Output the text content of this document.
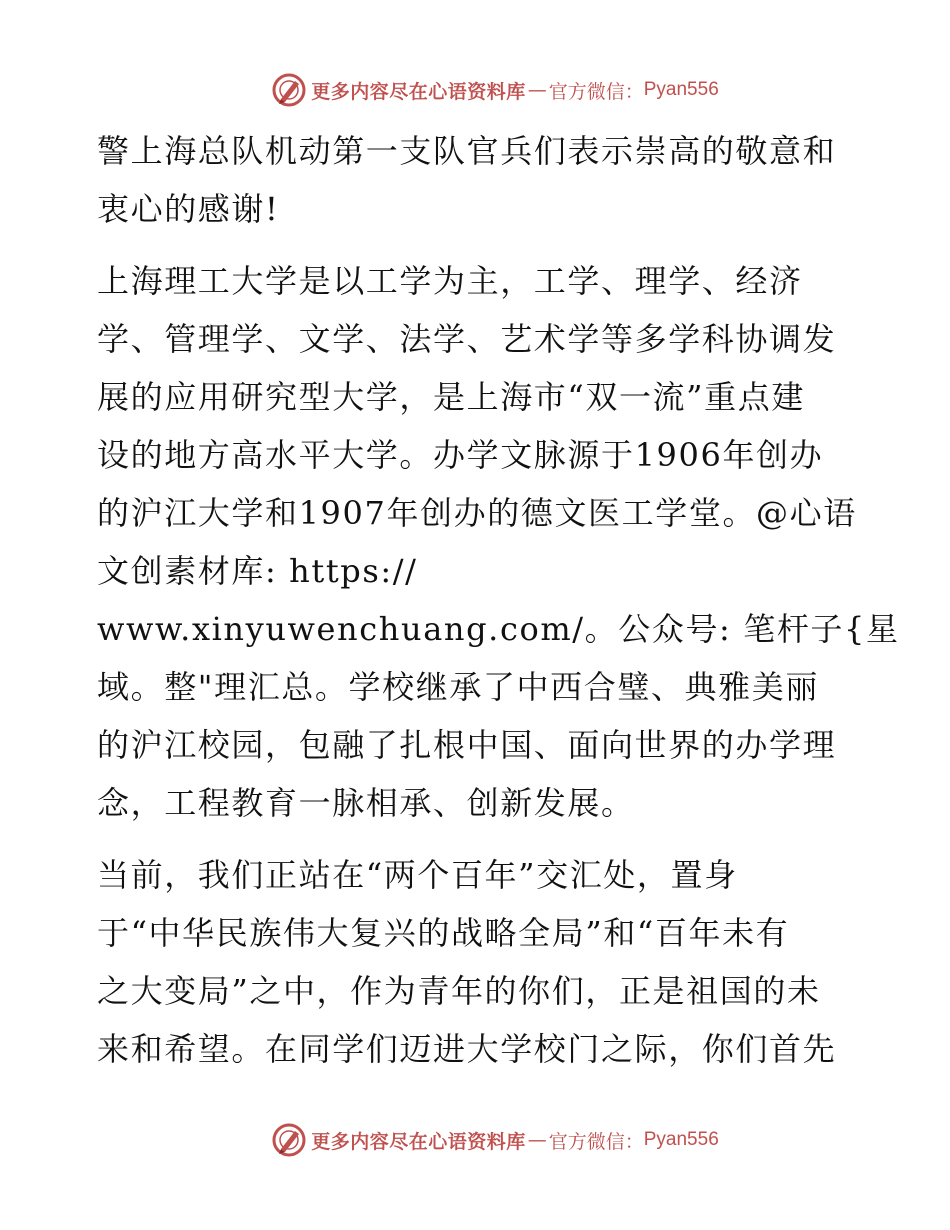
更多内容尽在心语资料库 — 官方微信： Pyan556
警上海总队机动第一支队官兵们表示崇高的敬意和
衷心的感谢!
上海理工大学是以工学为主，工学、理学、经济
学、管理学、文学、法学、艺术学等多学科协调发
展的应用研究型大学，是上海市“双一流”重点建
设的地方高水平大学。办学文脉源于1906年创办
的沪江大学和1907年创办的德文医工学堂。@心语
文创素材库: https://
www.xinyuwenchuang.com/。公众号: 笔杆子{星
域。整"理汇总。学校继承了中西合璧、典雅美丽
的沪江校园，包融了扎根中国、面向世界的办学理
念，工程教育一脉相承、创新发展。
当前，我们正站在“两个百年”交汇处，置身
于“中华民族伟大复兴的战略全局”和“百年未有
之大变局”之中，作为青年的你们，正是祖国的未
来和希望。在同学们迈进大学校门之际，你们首先
更多内容尽在心语资料库 — 官方微信： Pyan556
